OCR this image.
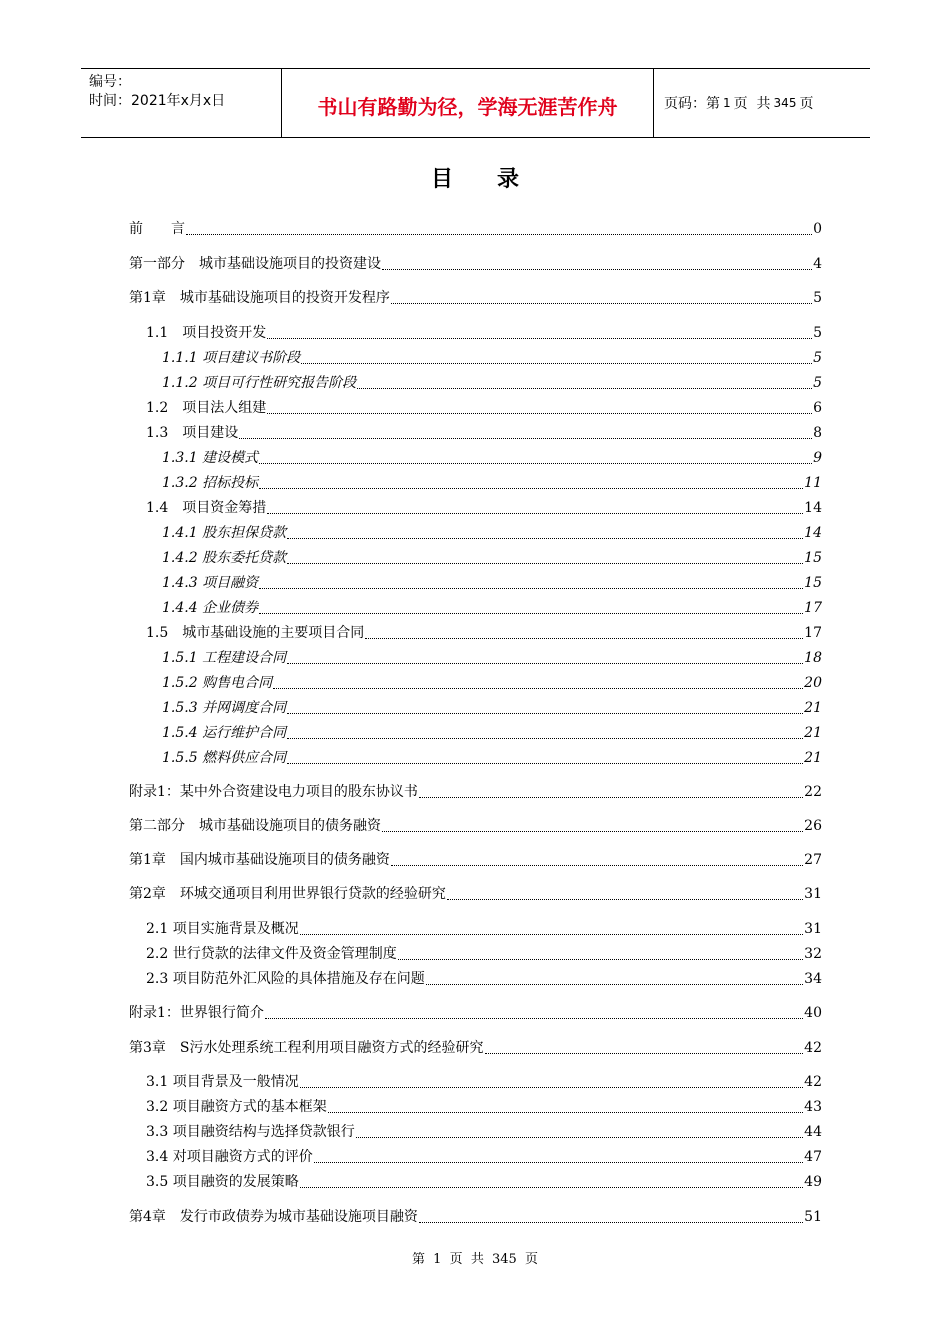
编号：
时间：2021年x月x日	书山有路勤为径，学海无涯苦作舟	页码：第 1 页  共 345 页
目录
前　　言	0
第一部分　城市基础设施项目的投资建设	4
第1章　城市基础设施项目的投资开发程序	5
1.1　项目投资开发	5
1.1.1 项目建议书阶段	5
1.1.2 项目可行性研究报告阶段	5
1.2　项目法人组建	6
1.3　项目建设	8
1.3.1 建设模式	9
1.3.2 招标投标	11
1.4　项目资金筹措	14
1.4.1 股东担保贷款	14
1.4.2 股东委托贷款	15
1.4.3 项目融资	15
1.4.4 企业债券	17
1.5　城市基础设施的主要项目合同	17
1.5.1 工程建设合同	18
1.5.2 购售电合同	20
1.5.3 并网调度合同	21
1.5.4 运行维护合同	21
1.5.5 燃料供应合同	21
附录1：某中外合资建设电力项目的股东协议书	22
第二部分　城市基础设施项目的债务融资	26
第1章　国内城市基础设施项目的债务融资	27
第2章　环城交通项目利用世界银行贷款的经验研究	31
2.1 项目实施背景及概况	31
2.2 世行贷款的法律文件及资金管理制度	32
2.3 项目防范外汇风险的具体措施及存在问题	34
附录1：世界银行简介	40
第3章　S污水处理系统工程利用项目融资方式的经验研究	42
3.1 项目背景及一般情况	42
3.2 项目融资方式的基本框架	43
3.3 项目融资结构与选择贷款银行	44
3.4 对项目融资方式的评价	47
3.5 项目融资的发展策略	49
第4章　发行市政债券为城市基础设施项目融资	51
第 1 页  共 345 页
